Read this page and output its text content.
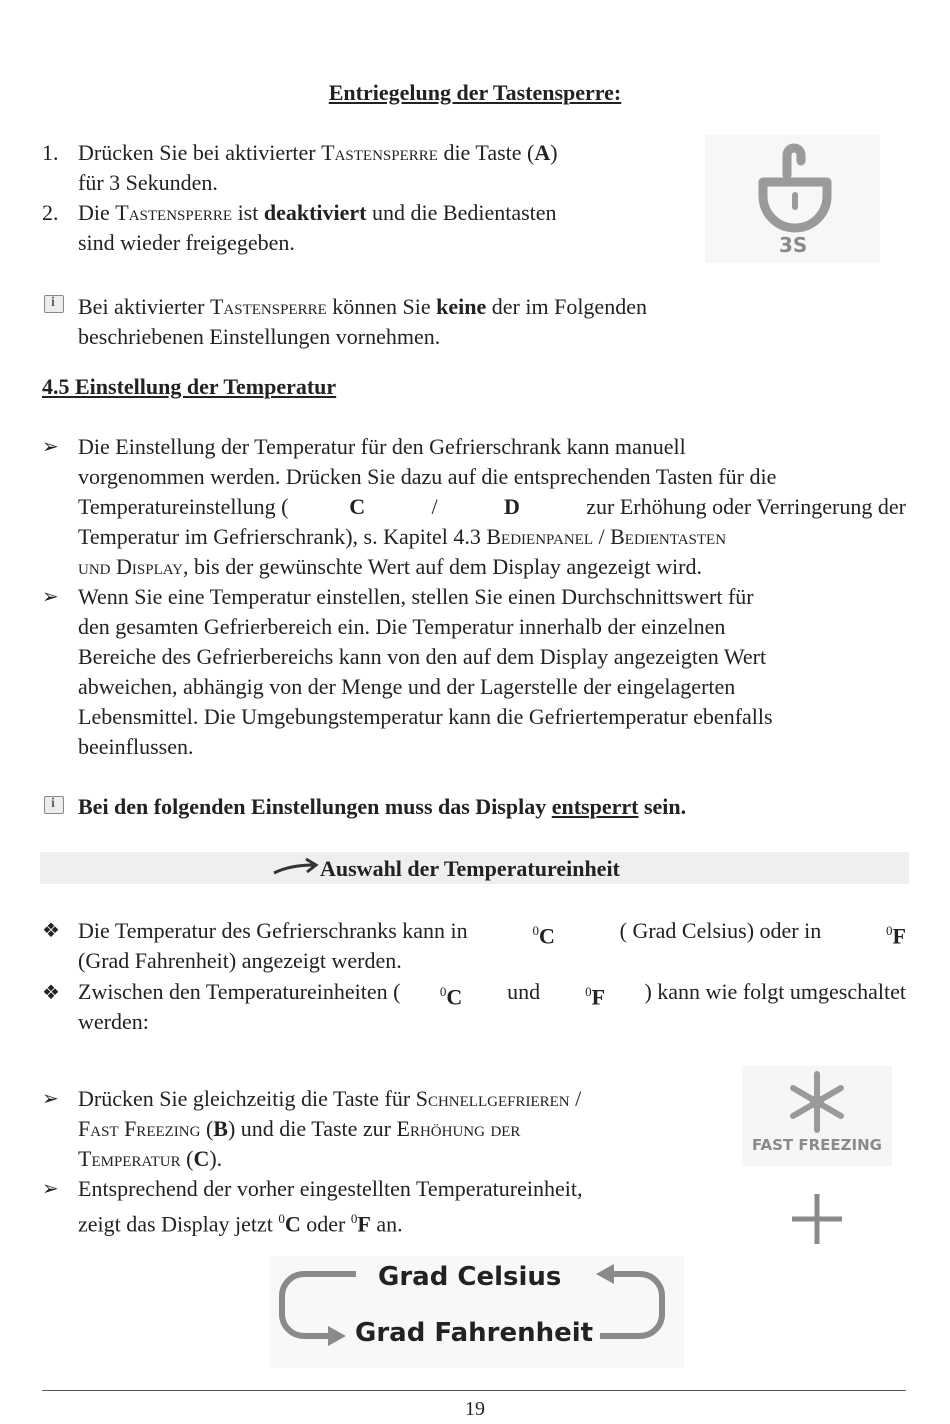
Entriegelung der Tastensperre:
1. Drücken Sie bei aktivierter Tastensperre die Taste (A)
für 3 Sekunden.
2. Die Tastensperre ist deaktiviert und die Bedientasten
sind wieder freigegeben.	3S
i
Bei aktivierter Tastensperre können Sie keine der im Folgenden
beschriebenen Einstellungen vornehmen.
4.5 Einstellung der Temperatur
➢ Die Einstellung der Temperatur für den Gefrierschrank kann manuell
vorgenommen werden. Drücken Sie dazu auf die entsprechenden Tasten für die
Temperatureinstellung (	C	/	D	zur Erhöhung oder Verringerung der
Temperatur im Gefrierschrank), s. Kapitel 4.3 Bedienpanel / Bedientasten
und Display, bis der gewünschte Wert auf dem Display angezeigt wird.
➢ Wenn Sie eine Temperatur einstellen, stellen Sie einen Durchschnittswert für
den gesamten Gefrierbereich ein. Die Temperatur innerhalb der einzelnen
Bereiche des Gefrierbereichs kann von den auf dem Display angezeigten Wert
abweichen, abhängig von der Menge und der Lagerstelle der eingelagerten
Lebensmittel. Die Umgebungstemperatur kann die Gefriertemperatur ebenfalls
beeinflussen.
i
Bei den folgenden Einstellungen muss das Display entsperrt sein.
Auswahl der Temperatureinheit
❖ Die Temperatur des Gefrierschranks kann in	$^0$C	( Grad Celsius) oder in	$^0$F
(Grad Fahrenheit) angezeigt werden.
❖ Zwischen den Temperatureinheiten (	$^0$C und	$^0$F ) kann wie folgt umgeschaltet
werden:
➢ Drücken Sie gleichzeitig die Taste für Schnellgefrieren /
Fast Freezing (B) und die Taste zur Erhöhung der
Temperatur (C).
➢ Entsprechend der vorher eingestellten Temperatureinheit,
zeigt das Display jetzt $^0$C oder $^0$F an.
FAST FREEZING
Grad Celsius
Grad Fahrenheit
19
